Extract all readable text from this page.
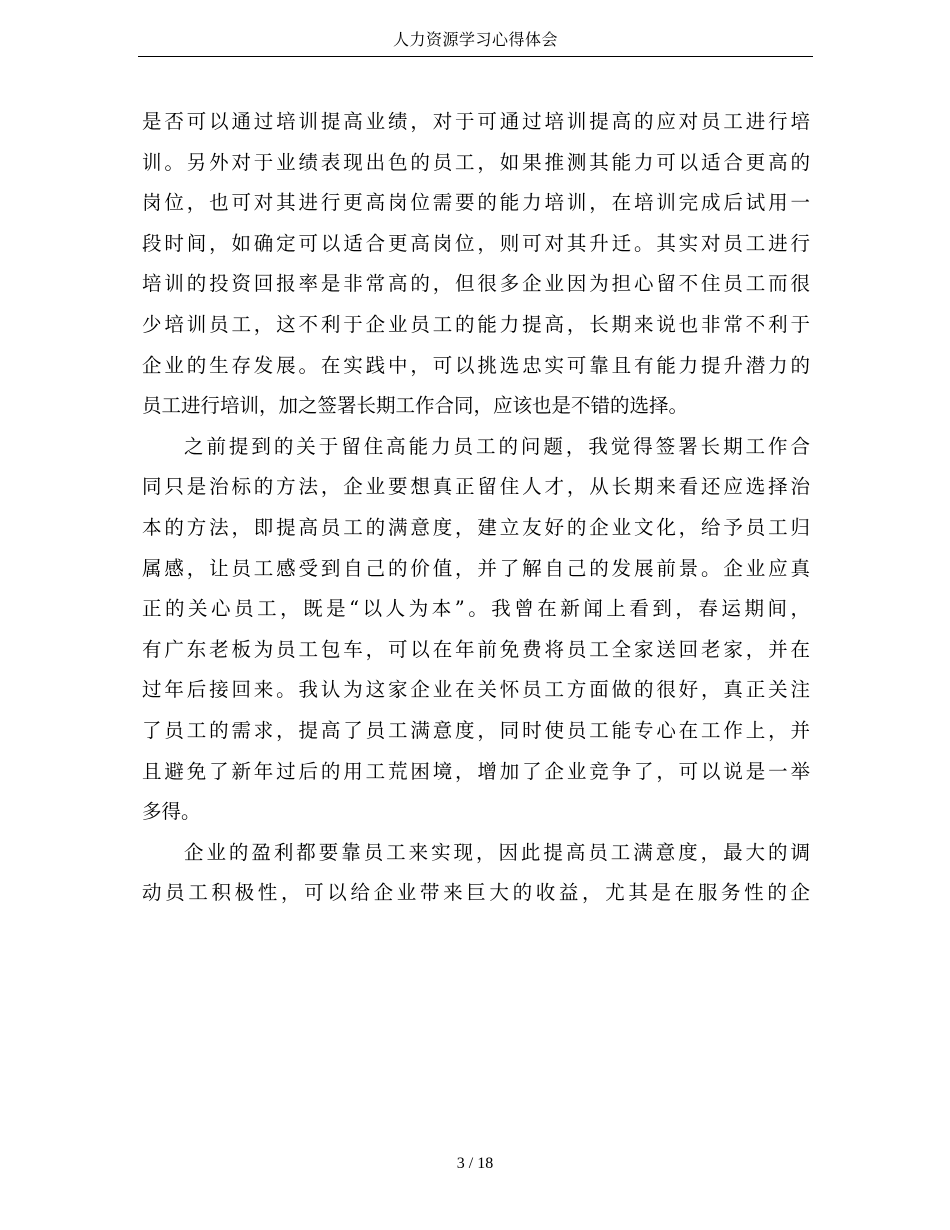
人力资源学习心得体会
是否可以通过培训提高业绩，对于可通过培训提高的应对员工进行培
训。另外对于业绩表现出色的员工，如果推测其能力可以适合更高的
岗位，也可对其进行更高岗位需要的能力培训，在培训完成后试用一
段时间，如确定可以适合更高岗位，则可对其升迁。其实对员工进行
培训的投资回报率是非常高的，但很多企业因为担心留不住员工而很
少培训员工，这不利于企业员工的能力提高，长期来说也非常不利于
企业的生存发展。在实践中，可以挑选忠实可靠且有能力提升潜力的
员工进行培训，加之签署长期工作合同，应该也是不错的选择。
之前提到的关于留住高能力员工的问题，我觉得签署长期工作合
同只是治标的方法，企业要想真正留住人才，从长期来看还应选择治
本的方法，即提高员工的满意度，建立友好的企业文化，给予员工归
属感，让员工感受到自己的价值，并了解自己的发展前景。企业应真
正的关心员工，既是“以人为本”。我曾在新闻上看到，春运期间，
有广东老板为员工包车，可以在年前免费将员工全家送回老家，并在
过年后接回来。我认为这家企业在关怀员工方面做的很好，真正关注
了员工的需求，提高了员工满意度，同时使员工能专心在工作上，并
且避免了新年过后的用工荒困境，增加了企业竞争了，可以说是一举
多得。
企业的盈利都要靠员工来实现，因此提高员工满意度，最大的调
动员工积极性，可以给企业带来巨大的收益，尤其是在服务性的企
3 / 18
